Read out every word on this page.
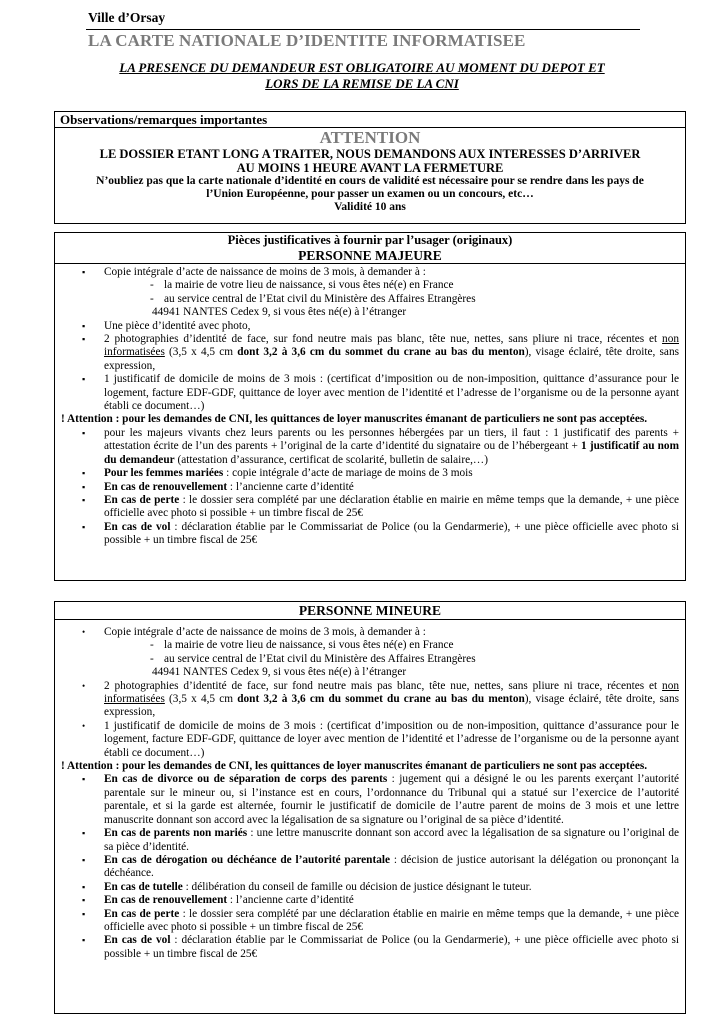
Ville d’Orsay
LA CARTE NATIONALE D’IDENTITE INFORMATISEE
LA PRESENCE DU DEMANDEUR EST OBLIGATOIRE AU MOMENT DU DEPOT ET
LORS DE LA REMISE DE LA CNI
Observations/remarques importantes
ATTENTION
LE DOSSIER ETANT LONG A TRAITER, NOUS DEMANDONS AUX INTERESSES D’ARRIVER
AU MOINS 1 HEURE AVANT LA FERMETURE
N’oubliez pas que la carte nationale d’identité en cours de validité est nécessaire pour se rendre dans les pays de
l’Union Européenne, pour passer un examen ou un concours, etc…
Validité 10 ans
Pièces justificatives à fournir par l’usager (originaux)
PERSONNE MAJEURE
▪ Copie intégrale d’acte de naissance de moins de 3 mois, à demander à :
- la mairie de votre lieu de naissance, si vous êtes né(e) en France
- au service central de l’Etat civil du Ministère des Affaires Etrangères
44941 NANTES Cedex 9, si vous êtes né(e) à l’étranger
▪ Une pièce d’identité avec photo,
▪ 2 photographies d’identité de face, sur fond neutre mais pas blanc, tête nue, nettes, sans pliure ni trace, récentes et non informatisées (3,5 x 4,5 cm dont 3,2 à 3,6 cm du sommet du crane au bas du menton), visage éclairé, tête droite, sans expression,
▪ 1 justificatif de domicile de moins de 3 mois : (certificat d’imposition ou de non-imposition, quittance d’assurance pour le logement, facture EDF-GDF, quittance de loyer avec mention de l’identité et l’adresse de l’organisme ou de la personne ayant établi ce document…)
! Attention : pour les demandes de CNI, les quittances de loyer manuscrites émanant de particuliers ne sont pas acceptées.
▪ pour les majeurs vivants chez leurs parents ou les personnes hébergées par un tiers, il faut : 1 justificatif des parents + attestation écrite de l’un des parents + l’original de la carte d’identité du signataire ou de l’hébergeant + 1 justificatif au nom du demandeur (attestation d’assurance, certificat de scolarité, bulletin de salaire,…)
▪ Pour les femmes mariées : copie intégrale d’acte de mariage de moins de 3 mois
▪ En cas de renouvellement : l’ancienne carte d’identité
▪ En cas de perte : le dossier sera complété par une déclaration établie en mairie en même temps que la demande, + une pièce officielle avec photo si possible + un timbre fiscal de 25€
▪ En cas de vol : déclaration établie par le Commissariat de Police (ou la Gendarmerie), + une pièce officielle avec photo si possible + un timbre fiscal de 25€
PERSONNE MINEURE
• Copie intégrale d’acte de naissance de moins de 3 mois, à demander à :
- la mairie de votre lieu de naissance, si vous êtes né(e) en France
- au service central de l’Etat civil du Ministère des Affaires Etrangères
44941 NANTES Cedex 9, si vous êtes né(e) à l’étranger
• 2 photographies d’identité de face, sur fond neutre mais pas blanc, tête nue, nettes, sans pliure ni trace, récentes et non informatisées (3,5 x 4,5 cm dont 3,2 à 3,6 cm du sommet du crane au bas du menton), visage éclairé, tête droite, sans expression,
• 1 justificatif de domicile de moins de 3 mois : (certificat d’imposition ou de non-imposition, quittance d’assurance pour le logement, facture EDF-GDF, quittance de loyer avec mention de l’identité et l’adresse de l’organisme ou de la personne ayant établi ce document…)
! Attention : pour les demandes de CNI, les quittances de loyer manuscrites émanant de particuliers ne sont pas acceptées.
▪ En cas de divorce ou de séparation de corps des parents : jugement qui a désigné le ou les parents exerçant l’autorité parentale sur le mineur ou, si l’instance est en cours, l’ordonnance du Tribunal qui a statué sur l’exercice de l’autorité parentale, et si la garde est alternée, fournir le justificatif de domicile de l’autre parent de moins de 3 mois et une lettre manuscrite donnant son accord avec la légalisation de sa signature ou l’original de sa pièce d’identité.
▪ En cas de parents non mariés : une lettre manuscrite donnant son accord avec la légalisation de sa signature ou l’original de sa pièce d’identité.
▪ En cas de dérogation ou déchéance de l’autorité parentale : décision de justice autorisant la délégation ou prononçant la déchéance.
▪ En cas de tutelle : délibération du conseil de famille ou décision de justice désignant le tuteur.
▪ En cas de renouvellement : l’ancienne carte d’identité
▪ En cas de perte : le dossier sera complété par une déclaration établie en mairie en même temps que la demande, + une pièce officielle avec photo si possible + un timbre fiscal de 25€
▪ En cas de vol : déclaration établie par le Commissariat de Police (ou la Gendarmerie), + une pièce officielle avec photo si possible + un timbre fiscal de 25€
